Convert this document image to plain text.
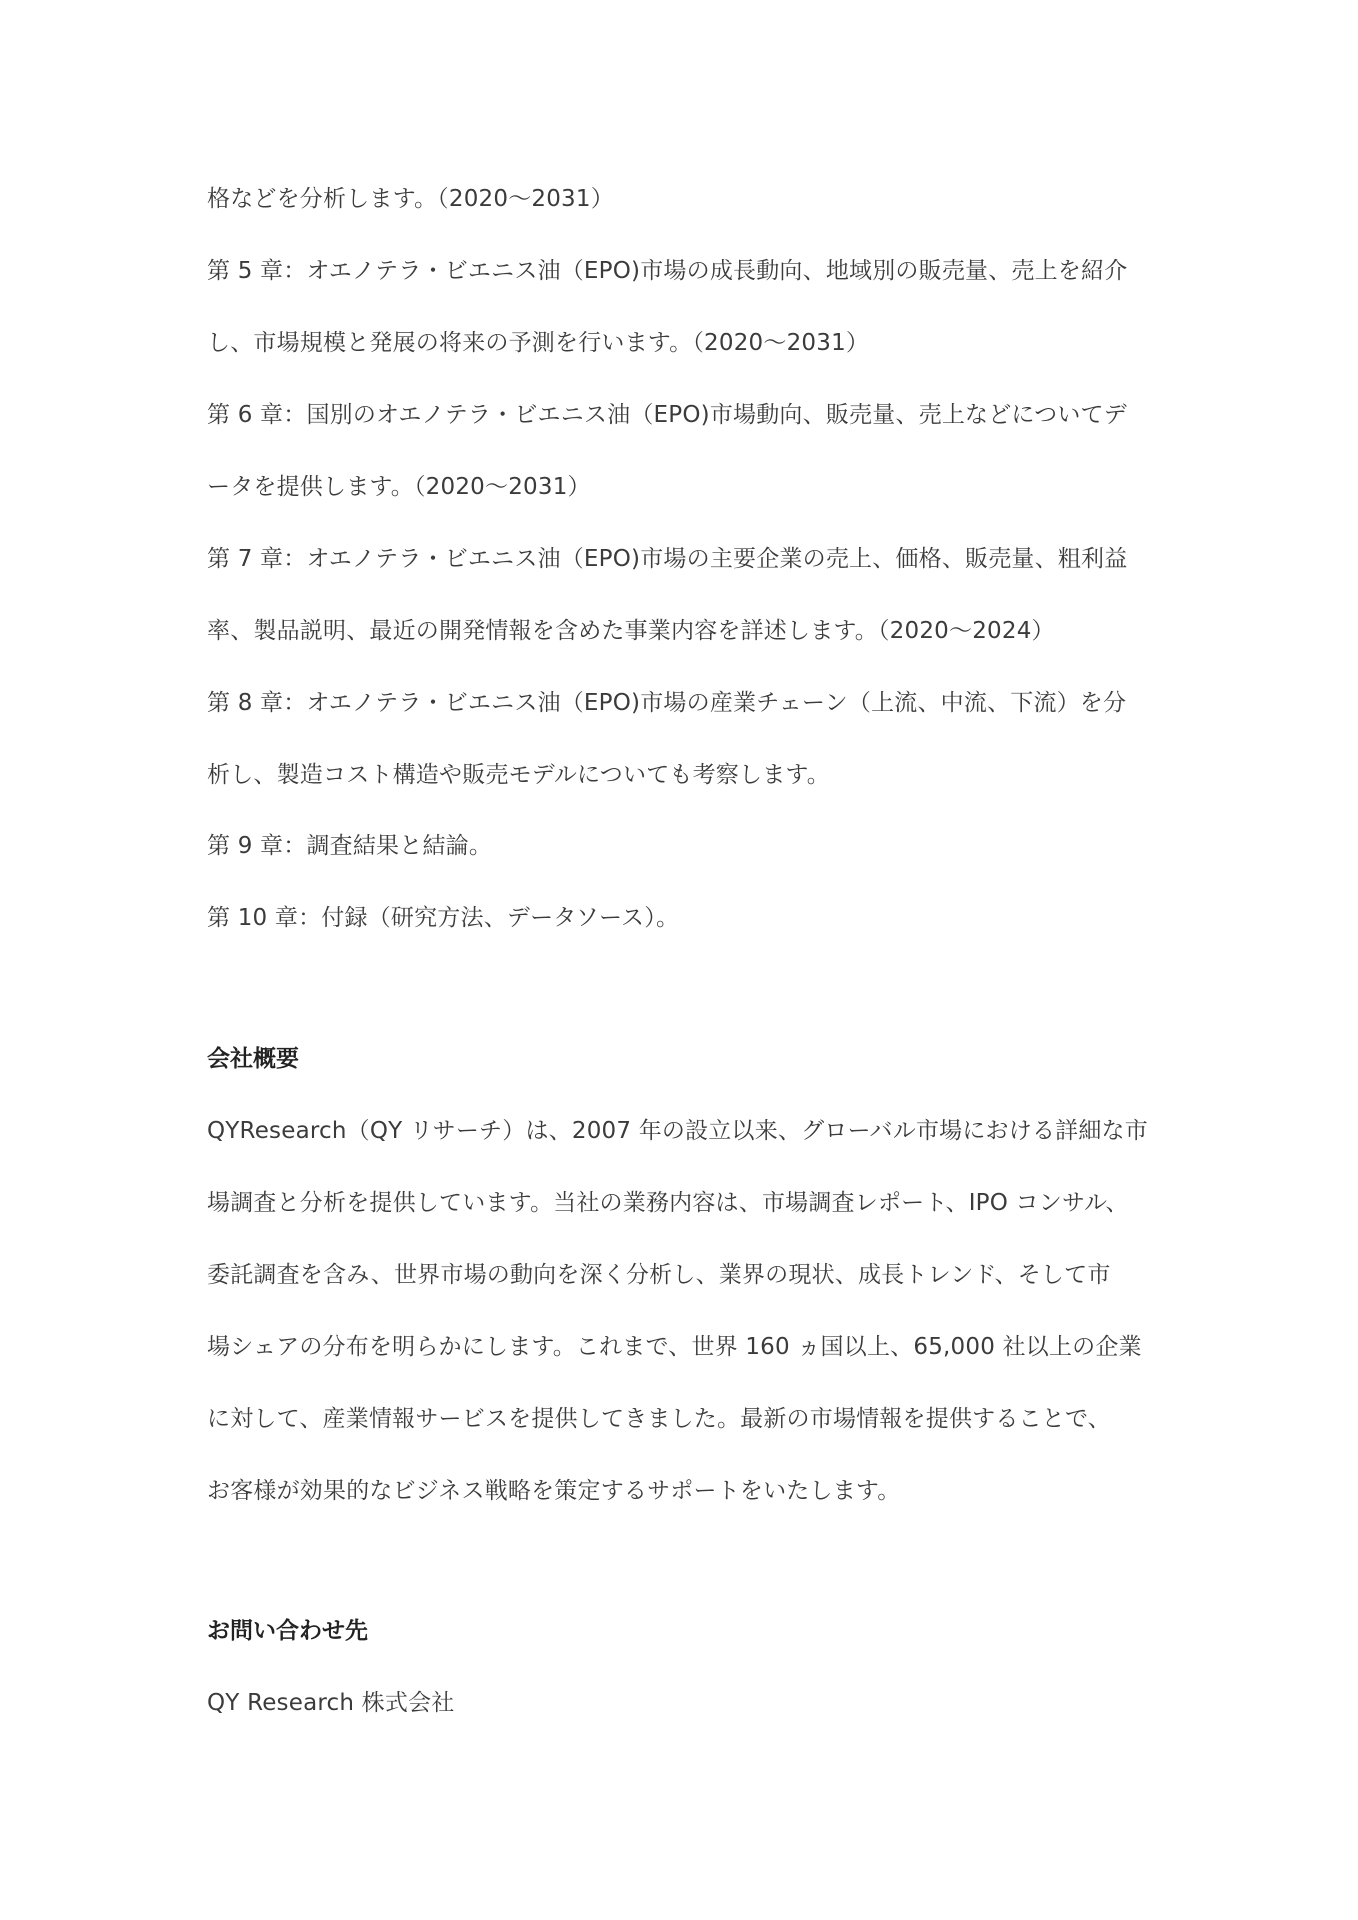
格などを分析します。（2020～2031）
第 5 章：オエノテラ・ビエニス油（EPO)市場の成長動向、地域別の販売量、売上を紹介
し、市場規模と発展の将来の予測を行います。（2020～2031）
第 6 章：国別のオエノテラ・ビエニス油（EPO)市場動向、販売量、売上などについてデ
ータを提供します。（2020～2031）
第 7 章：オエノテラ・ビエニス油（EPO)市場の主要企業の売上、価格、販売量、粗利益
率、製品説明、最近の開発情報を含めた事業内容を詳述します。（2020～2024）
第 8 章：オエノテラ・ビエニス油（EPO)市場の産業チェーン（上流、中流、下流）を分
析し、製造コスト構造や販売モデルについても考察します。
第 9 章：調査結果と結論。
第 10 章：付録（研究方法、データソース）。
会社概要
QYResearch（QY リサーチ）は、2007 年の設立以来、グローバル市場における詳細な市
場調査と分析を提供しています。当社の業務内容は、市場調査レポート、IPO コンサル、
委託調査を含み、世界市場の動向を深く分析し、業界の現状、成長トレンド、そして市
場シェアの分布を明らかにします。これまで、世界 160 ヵ国以上、65,000 社以上の企業
に対して、産業情報サービスを提供してきました。最新の市場情報を提供することで、
お客様が効果的なビジネス戦略を策定するサポートをいたします。
お問い合わせ先
QY Research 株式会社
